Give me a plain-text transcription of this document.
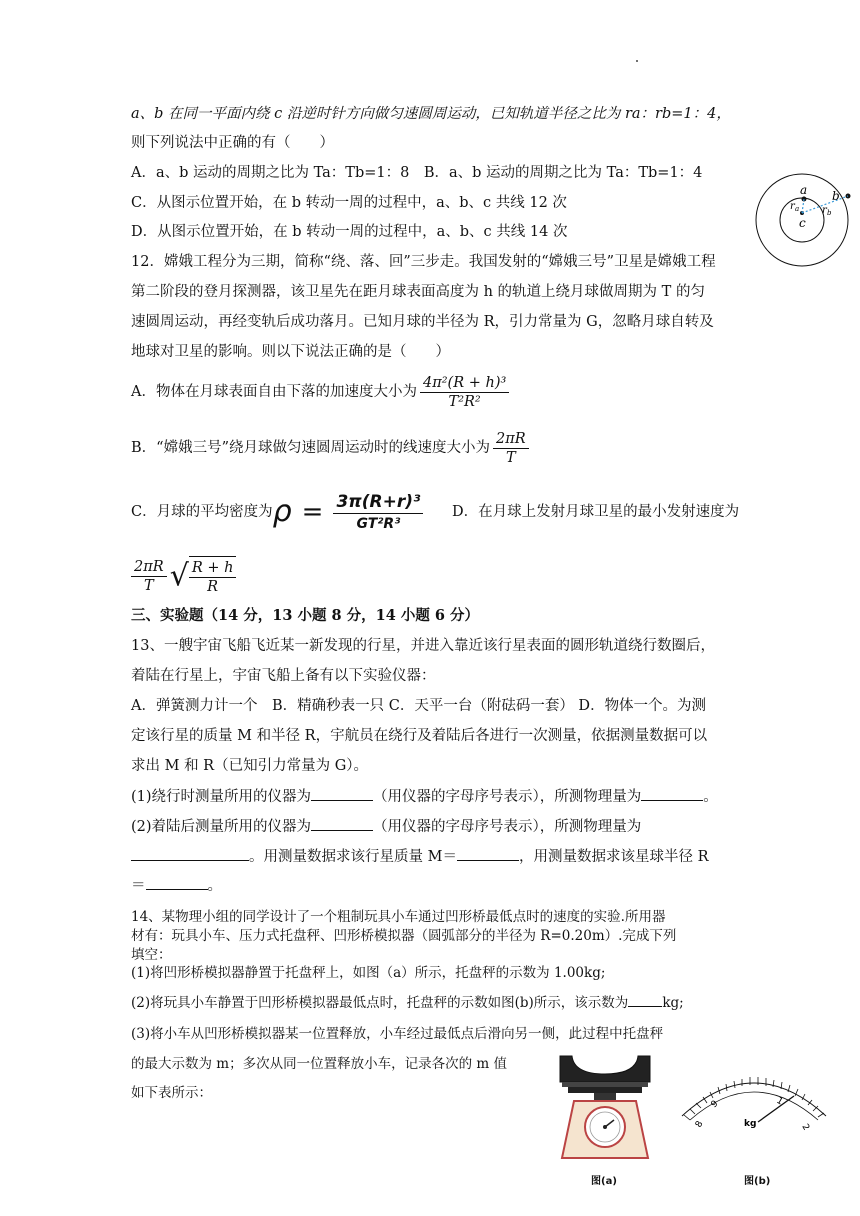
a、b 在同一平面内绕 c 沿逆时针方向做匀速圆周运动，已知轨道半径之比为 ra：rb=1：4，
则下列说法中正确的有（　　）
A．a、b 运动的周期之比为 Ta：Tb=1：8　B．a、b 运动的周期之比为 Ta：Tb=1：4
C．从图示位置开始，在 b 转动一周的过程中，a、b、c 共线 12 次
D．从图示位置开始，在 b 转动一周的过程中，a、b、c 共线 14 次
a b
c
r a r b
12．嫦娥工程分为三期，简称“绕、落、回”三步走。我国发射的“嫦娥三号”卫星是嫦娥工程
第二阶段的登月探测器，该卫星先在距月球表面高度为 h 的轨道上绕月球做周期为 T 的匀
速圆周运动，再经变轨后成功落月。已知月球的半径为 R，引力常量为 G，忽略月球自转及
地球对卫星的影响。则以下说法正确的是（　　）
A．物体在月球表面自由下落的加速度大小为 $\frac{\text{4π²(R + h)³}}{\text{T²R²}}$
B．“嫦娥三号”绕月球做匀速圆周运动时的线速度大小为 $\frac{2\pi R}{T}$
C．月球的平均密度为$\rho = \frac{\text{3π(R+r)³}}{\text{GT²R³}}$ D．在月球上发射月球卫星的最小发射速度为
$\frac{2\pi R}{T}$ √ $\frac{R + h}{R}$
三、实验题（14 分，13 小题 8 分，14 小题 6 分）
13、一艘宇宙飞船飞近某一新发现的行星，并进入靠近该行星表面的圆形轨道绕行数圈后，
着陆在行星上，宇宙飞船上备有以下实验仪器：
A．弹簧测力计一个　B．精确秒表一只 C．天平一台（附砝码一套） D．物体一个。为测
定该行星的质量 M 和半径 R，宇航员在绕行及着陆后各进行一次测量，依据测量数据可以
求出 M 和 R（已知引力常量为 G）。
(1)绕行时测量所用的仪器为	（用仪器的字母序号表示），所测物理量为	。
(2)着陆后测量所用的仪器为	（用仪器的字母序号表示），所测物理量为
。用测量数据求该行星质量 M＝	，用测量数据求该星球半径 R
＝	。
14、某物理小组的同学设计了一个粗制玩具小车通过凹形桥最低点时的速度的实验.所用器
材有：玩具小车、压力式托盘秤、凹形桥模拟器（圆弧部分的半径为 R=0.20m）.完成下列
填空：
(1)将凹形桥模拟器静置于托盘秤上，如图（a）所示，托盘秤的示数为 1.00kg;
(2)将玩具小车静置于凹形桥模拟器最低点时，托盘秤的示数如图(b)所示，该示数为	kg;
(3)将小车从凹形桥模拟器某一位置释放，小车经过最低点后滑向另一侧，此过程中托盘秤
的最大示数为 m；多次从同一位置释放小车，记录各次的 m 值
如下表所示：
图(a)
8
9	1
2
kg
图(b)
